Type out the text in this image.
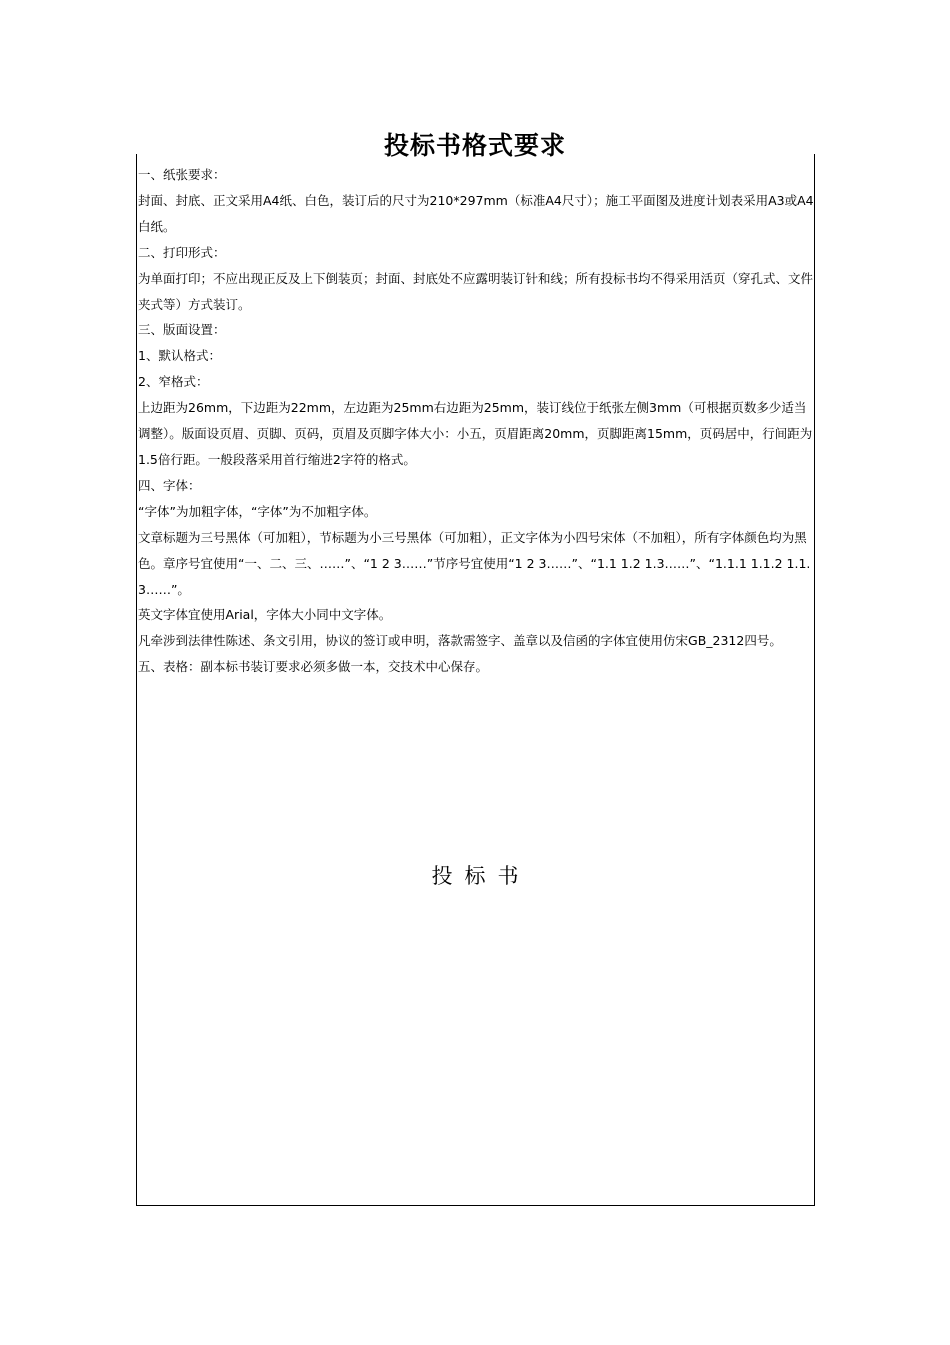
投标书格式要求

一、纸张要求：

封面、封底、正文采用A4纸、白色，装订后的尺寸为210*297mm（标准A4尺寸）；施工平面图及进度计划表采用A3或A4白纸。

二、打印形式：

为单面打印；不应出现正反及上下倒装页；封面、封底处不应露明装订针和线；所有投标书均不得采用活页（穿孔式、文件夹式等）方式装订。

三、版面设置：

1、默认格式：

2、窄格式：

上边距为26mm，下边距为22mm，左边距为25mm右边距为25mm，装订线位于纸张左侧3mm（可根据页数多少适当调整）。版面设页眉、页脚、页码，页眉及页脚字体大小：小五，页眉距离20mm，页脚距离15mm，页码居中，行间距为1.5倍行距。一般段落采用首行缩进2字符的格式。

四、字体：

“字体”为加粗字体，“字体”为不加粗字体。

文章标题为三号黑体（可加粗），节标题为小三号黑体（可加粗），正文字体为小四号宋体（不加粗），所有字体颜色均为黑色。章序号宜使用“一、二、三、……”、“1 2 3……”节序号宜使用“1 2 3……”、“1.1 1.2 1.3……”、“1.1.1 1.1.2 1.1.3……”。

英文字体宜使用Arial，字体大小同中文字体。

凡牵涉到法律性陈述、条文引用，协议的签订或申明，落款需签字、盖章以及信函的字体宜使用仿宋GB_2312四号。

五、表格：副本标书装订要求必须多做一本，交技术中心保存。

投标书
